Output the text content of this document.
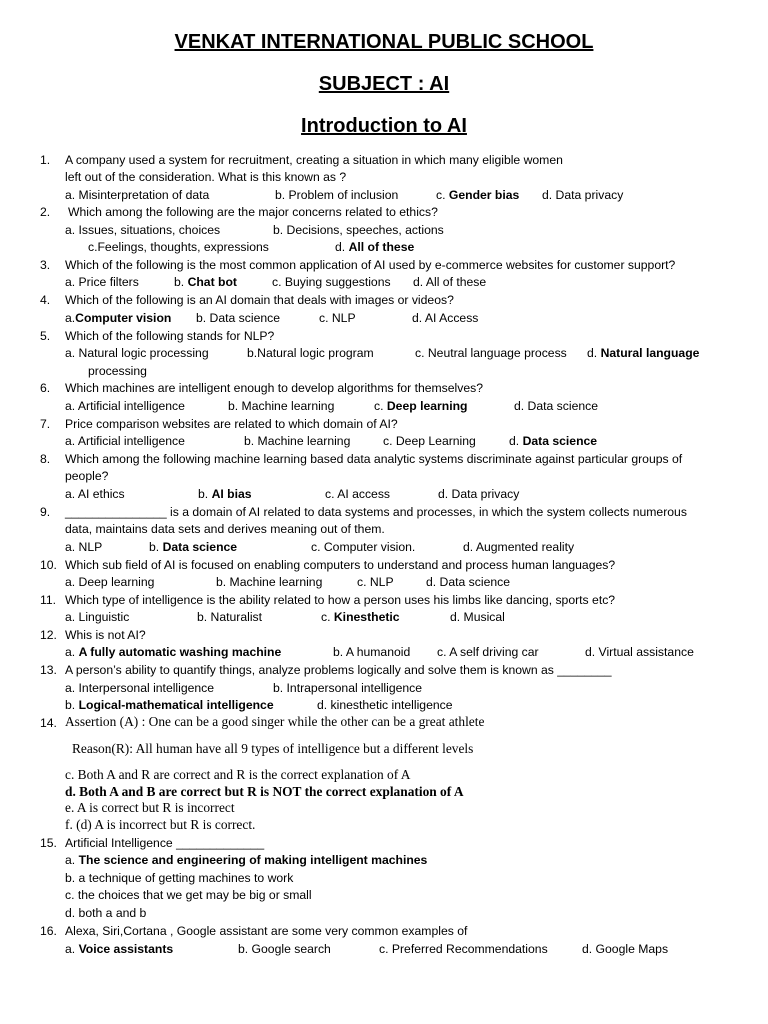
VENKAT INTERNATIONAL PUBLIC SCHOOL
SUBJECT : AI
Introduction to AI
1. A company used a system for recruitment, creating a situation in which many eligible women
left out of the consideration. What is this known as ?
a. Misinterpretation of data	b. Problem of inclusion	c. Gender bias d. Data privacy
2. Which among the following are the major concerns related to ethics?
a. Issues, situations, choices	b. Decisions, speeches, actions
c.Feelings, thoughts, expressions	d. All of these
3. Which of the following is the most common application of AI used by e-commerce websites for customer support?
a. Price filters	b. Chat bot	c. Buying suggestions d. All of these
4. Which of the following is an AI domain that deals with images or videos?
a.Computer vision b. Data science	c. NLP	d. AI Access
5. Which of the following stands for NLP?
a. Natural logic processing	b.Natural logic program	c. Neutral language process d. Natural language
processing
6. Which machines are intelligent enough to develop algorithms for themselves?
a. Artificial intelligence	b. Machine learning	c. Deep learning	d. Data science
7. Price comparison websites are related to which domain of AI?
a. Artificial intelligence	b. Machine learning	c. Deep Learning	d. Data science
8. Which among the following machine learning based data analytic systems discriminate against particular groups of
people?
a. AI ethics	b. AI bias	c. AI access	d. Data privacy
9. _______________ is a domain of AI related to data systems and processes, in which the system collects numerous
data, maintains data sets and derives meaning out of them.
a. NLP	b. Data science	c. Computer vision.	d. Augmented reality
10. Which sub field of AI is focused on enabling computers to understand and process human languages?
a. Deep learning	b. Machine learning	c. NLP	d. Data science
11. Which type of intelligence is the ability related to how a person uses his limbs like dancing, sports etc?
a. Linguistic	b. Naturalist	c. Kinesthetic	d. Musical
12. Whis is not AI?
a. A fully automatic washing machine	b. A humanoid c. A self driving car	d. Virtual assistance
13. A person’s ability to quantify things, analyze problems logically and solve them is known as ________
a. Interpersonal intelligence	b. Intrapersonal intelligence
b. Logical-mathematical intelligence	d. kinesthetic intelligence
14. Assertion (A) : One can be a good singer while the other can be a great athlete
Reason(R): All human have all 9 types of intelligence but a different levels
c. Both A and R are correct and R is the correct explanation of A
d. Both A and B are correct but R is NOT the correct explanation of A
e. A is correct but R is incorrect
f. (d) A is incorrect but R is correct.
15. Artificial Intelligence _____________
a. The science and engineering of making intelligent machines
b. a technique of getting machines to work
c. the choices that we get may be big or small
d. both a and b
16. Alexa, Siri,Cortana , Google assistant are some very common examples of
a. Voice assistants	b. Google search	c. Preferred Recommendations	d. Google Maps
